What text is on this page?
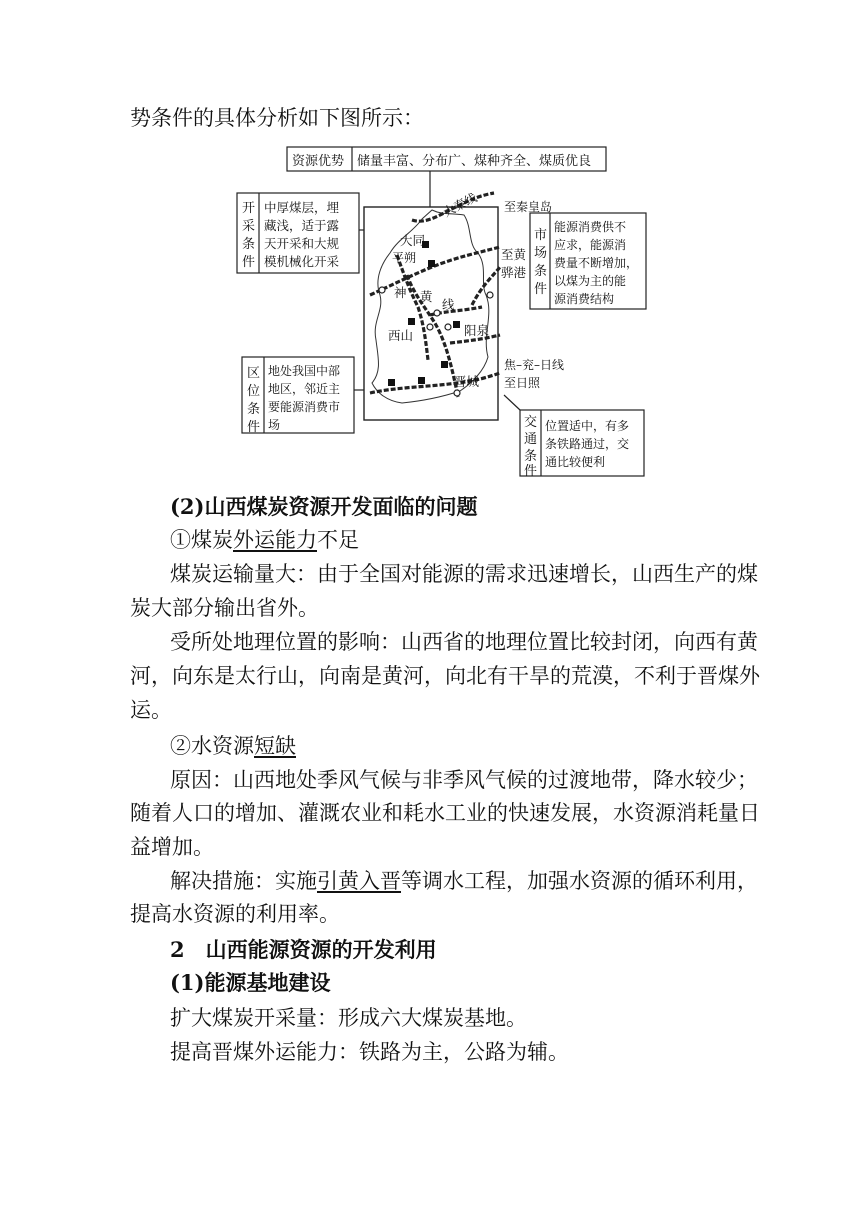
势条件的具体分析如下图所示：
资源优势 储量丰富、分布广、煤种齐全、煤质优良
开
采
条
件
中厚煤层，埋
藏浅，适于露
天开采和大规
模机械化开采
市
场
条
件
能源消费供不
应求，能源消
费量不断增加，
以煤为主的能
源消费结构
区
位
条
件
地处我国中部
地区，邻近主
要能源消费市
场	交
通
条
件
位置适中，有多
条铁路通过，交
通比较便利
大秦线 至秦皇岛
大同
平朔	至黄
骅港
神 黄
线
西山	阳泉
焦–兖–日线
晋城 至日照
(2)山西煤炭资源开发面临的问题
①煤炭外运能力不足
煤炭运输量大：由于全国对能源的需求迅速增长，山西生产的煤
炭大部分输出省外。
受所处地理位置的影响：山西省的地理位置比较封闭，向西有黄
河，向东是太行山，向南是黄河，向北有干旱的荒漠，不利于晋煤外
运。
②水资源短缺
原因：山西地处季风气候与非季风气候的过渡地带，降水较少；
随着人口的增加、灌溉农业和耗水工业的快速发展，水资源消耗量日
益增加。
解决措施：实施引黄入晋等调水工程，加强水资源的循环利用，
提高水资源的利用率。
2　山西能源资源的开发利用
(1)能源基地建设
扩大煤炭开采量：形成六大煤炭基地。
提高晋煤外运能力：铁路为主，公路为辅。
